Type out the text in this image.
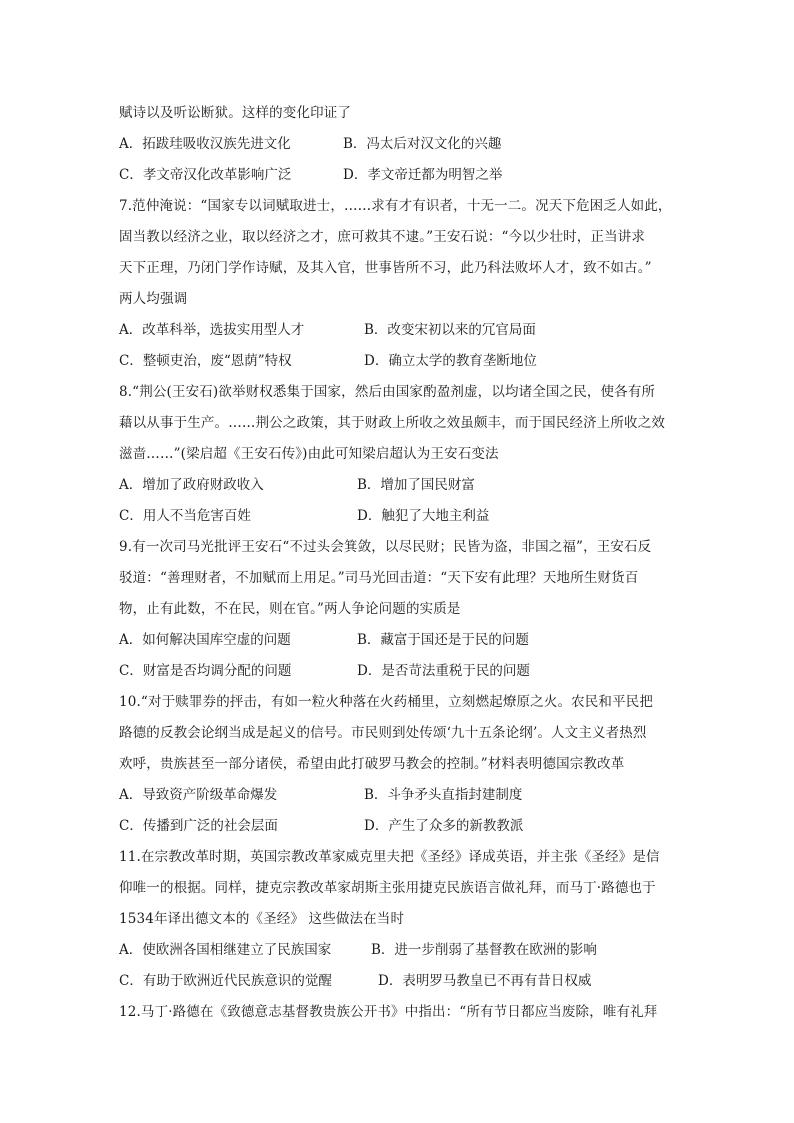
赋诗以及听讼断狱。这样的变化印证了
A．拓跋珪吸收汉族先进文化	B．冯太后对汉文化的兴趣
C．孝文帝汉化改革影响广泛	D．孝文帝迁都为明智之举
7.范仲淹说：“国家专以词赋取进士，……求有才有识者，十无一二。况天下危困乏人如此，
固当教以经济之业，取以经济之才，庶可救其不逮。”王安石说：“今以少壮时，正当讲求
天下正理，乃闭门学作诗赋，及其入官，世事皆所不习，此乃科法败坏人才，致不如古。”
两人均强调
A．改革科举，选拔实用型人才	B．改变宋初以来的冗官局面
C．整顿吏治，废“恩荫”特权	D．确立太学的教育垄断地位
8.“荆公(王安石)欲举财权悉集于国家，然后由国家酌盈剂虚，以均诸全国之民，使各有所
藉以从事于生产。……荆公之政策，其于财政上所收之效虽颇丰，而于国民经济上所收之效
滋啬……”(梁启超《王安石传》)由此可知梁启超认为王安石变法
A．增加了政府财政收入	B．增加了国民财富
C．用人不当危害百姓	D．触犯了大地主利益
9.有一次司马光批评王安石“不过头会箕敛，以尽民财；民皆为盗，非国之福”，王安石反
驳道：“善理财者，不加赋而上用足。”司马光回击道：“天下安有此理？天地所生财货百
物，止有此数，不在民，则在官。”两人争论问题的实质是
A．如何解决国库空虚的问题	B．藏富于国还是于民的问题
C．财富是否均调分配的问题	D．是否苛法重税于民的问题
10.“对于赎罪券的抨击，有如一粒火种落在火药桶里，立刻燃起燎原之火。农民和平民把
路德的反教会论纲当成是起义的信号。市民则到处传颂‘九十五条论纲’。人文主义者热烈
欢呼，贵族甚至一部分诸侯，希望由此打破罗马教会的控制。”材料表明德国宗教改革
A．导致资产阶级革命爆发	B．斗争矛头直指封建制度
C．传播到广泛的社会层面	D．产生了众多的新教教派
11.在宗教改革时期，英国宗教改革家威克里夫把《圣经》译成英语，并主张《圣经》是信
仰唯一的根据。同样，捷克宗教改革家胡斯主张用捷克民族语言做礼拜，而马丁·路德也于
1534年译出德文本的《圣经》 这些做法在当时
A．使欧洲各国相继建立了民族国家	B．进一步削弱了基督教在欧洲的影响
C．有助于欧洲近代民族意识的觉醒	D．表明罗马教皇已不再有昔日权威
12.马丁·路德在《致德意志基督教贵族公开书》中指出：“所有节日都应当废除，唯有礼拜
